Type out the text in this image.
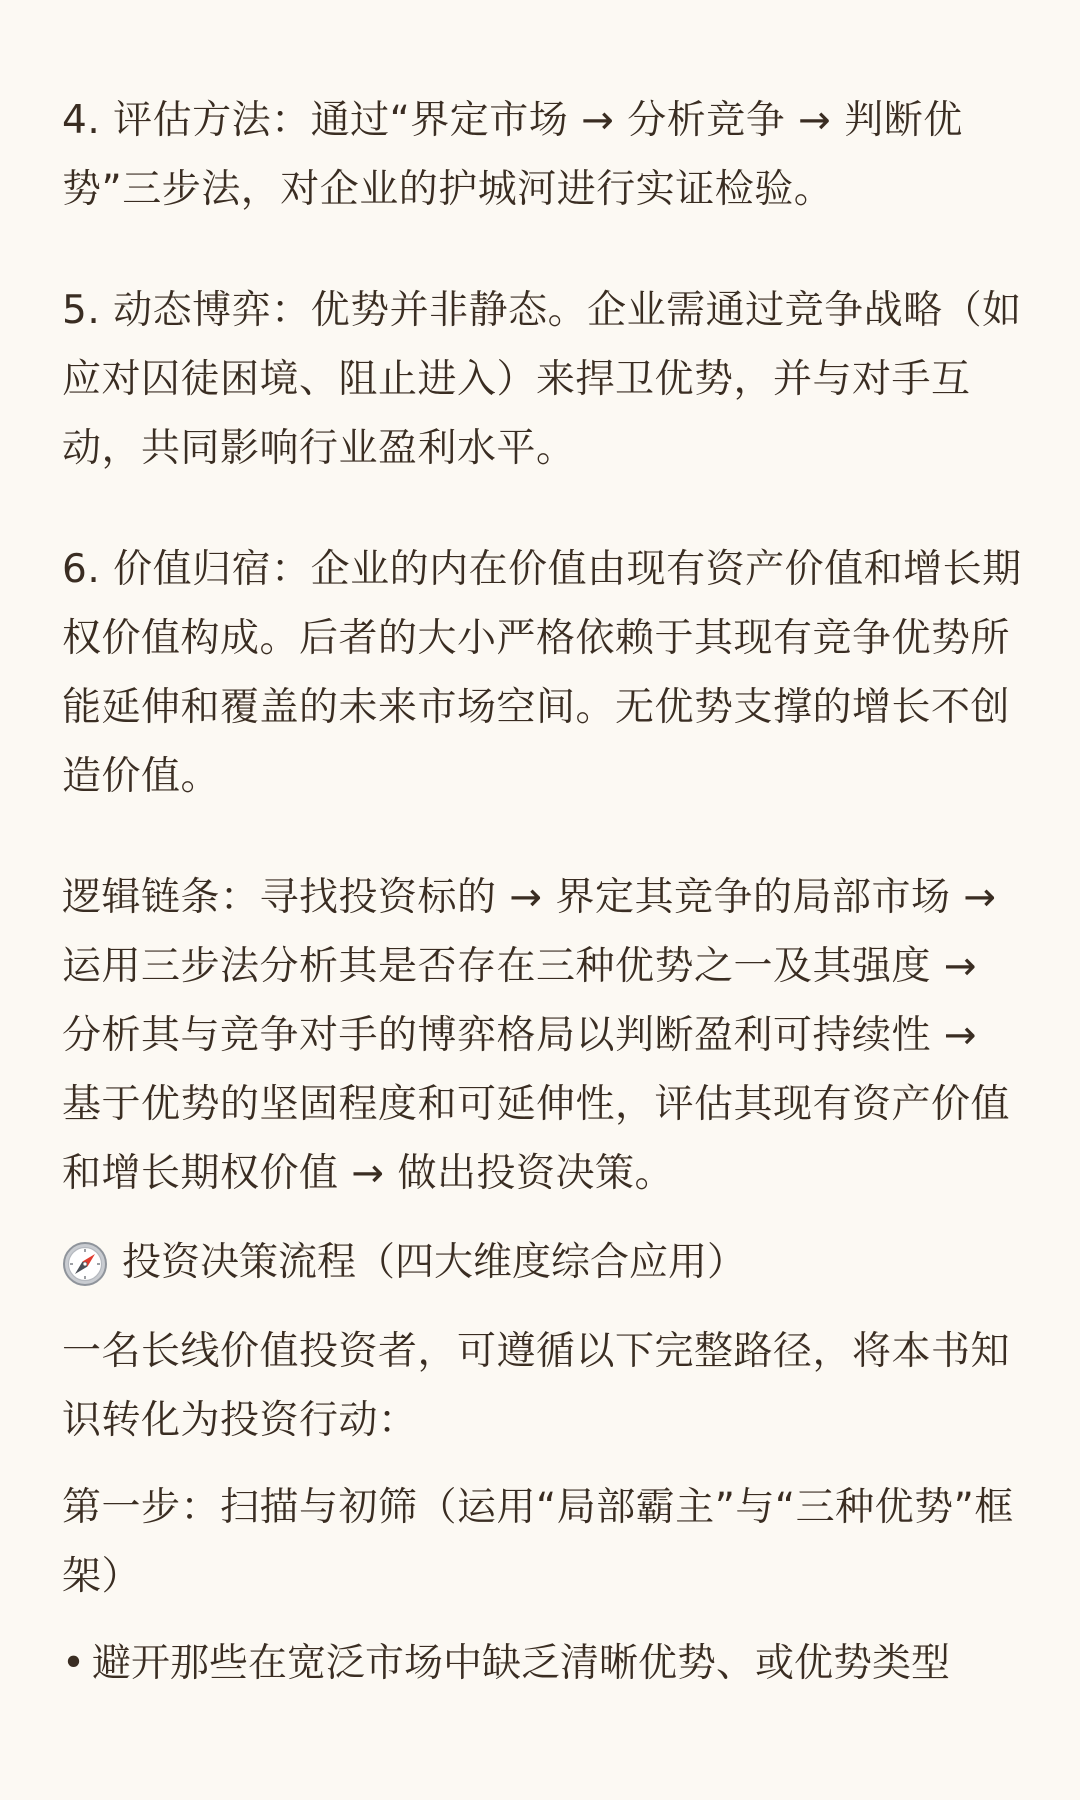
4. 评估方法：通过“界定市场 → 分析竞争 → 判断优势”三步法，对企业的护城河进行实证检验。

5. 动态博弈：优势并非静态。企业需通过竞争战略（如应对囚徒困境、阻止进入）来捍卫优势，并与对手互动，共同影响行业盈利水平。

6. 价值归宿：企业的内在价值由现有资产价值和增长期权价值构成。后者的大小严格依赖于其现有竞争优势所能延伸和覆盖的未来市场空间。无优势支撑的增长不创造价值。

逻辑链条：寻找投资标的 → 界定其竞争的局部市场 → 运用三步法分析其是否存在三种优势之一及其强度 → 分析其与竞争对手的博弈格局以判断盈利可持续性 → 基于优势的坚固程度和可延伸性，评估其现有资产价值和增长期权价值 → 做出投资决策。

投资决策流程（四大维度综合应用）

一名长线价值投资者，可遵循以下完整路径，将本书知识转化为投资行动：

第一步：扫描与初筛（运用“局部霸主”与“三种优势”框架）

• 避开那些在宽泛市场中缺乏清晰优势、或优势类型
